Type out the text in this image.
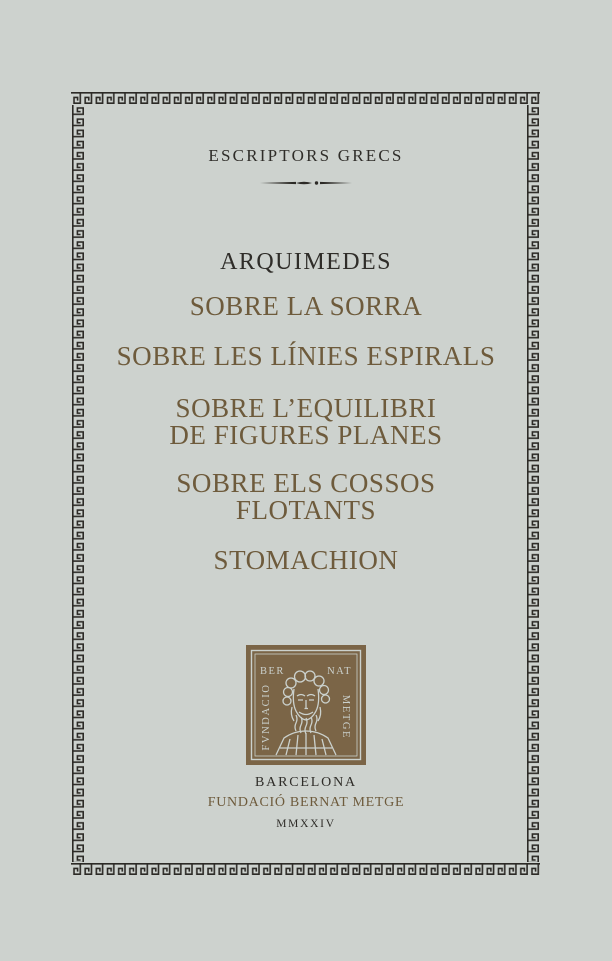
ESCRIPTORS GRECS
ARQUIMEDES
SOBRE LA SORRA
SOBRE LES LÍNIES ESPIRALS
SOBRE L’EQUILIBRI
DE FIGURES PLANES
SOBRE ELS COSSOS
FLOTANTS
STOMACHION
BER	NAT
FVNDACIO	METGE
BARCELONA
FUNDACIÓ BERNAT METGE
MMXXIV
